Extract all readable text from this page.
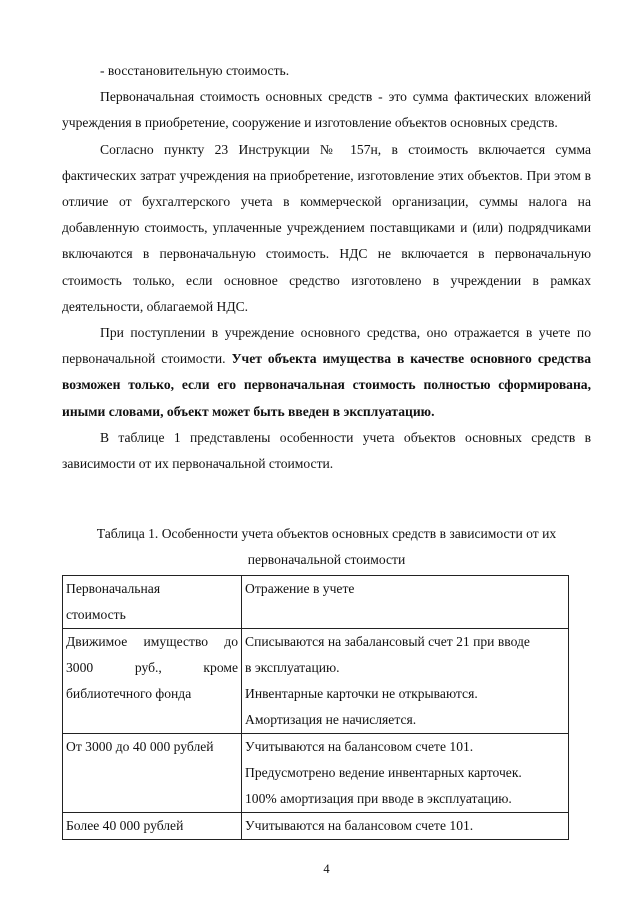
- восстановительную стоимость.

Первоначальная стоимость основных средств - это сумма фактических вложений учреждения в приобретение, сооружение и изготовление объектов основных средств.

Согласно пункту 23 Инструкции № 157н, в стоимость включается сумма фактических затрат учреждения на приобретение, изготовление этих объектов. При этом в отличие от бухгалтерского учета в коммерческой организации, суммы налога на добавленную стоимость, уплаченные учреждением поставщиками и (или) подрядчиками включаются в первоначальную стоимость. НДС не включается в первоначальную стоимость только, если основное средство изготовлено в учреждении в рамках деятельности, облагаемой НДС.

При поступлении в учреждение основного средства, оно отражается в учете по первоначальной стоимости. Учет объекта имущества в качестве основного средства возможен только, если его первоначальная стоимость полностью сформирована, иными словами, объект может быть введен в эксплуатацию.

В таблице 1 представлены особенности учета объектов основных средств в зависимости от их первоначальной стоимости.

Таблица 1. Особенности учета объектов основных средств в зависимости от их
первоначальной стоимости
Первоначальная
стоимость	Отражение в учете

Движимое имущество до
3000 руб., кроме
библиотечного фонда	Списываются на забалансовый счет 21 при вводе
в эксплуатацию.
Инвентарные карточки не открываются.
Амортизация не начисляется.

От 3000 до 40 000 рублей	Учитываются на балансовом счете 101.
Предусмотрено ведение инвентарных карточек.
100% амортизация при вводе в эксплуатацию.

Более 40 000 рублей	Учитываются на балансовом счете 101.
4
